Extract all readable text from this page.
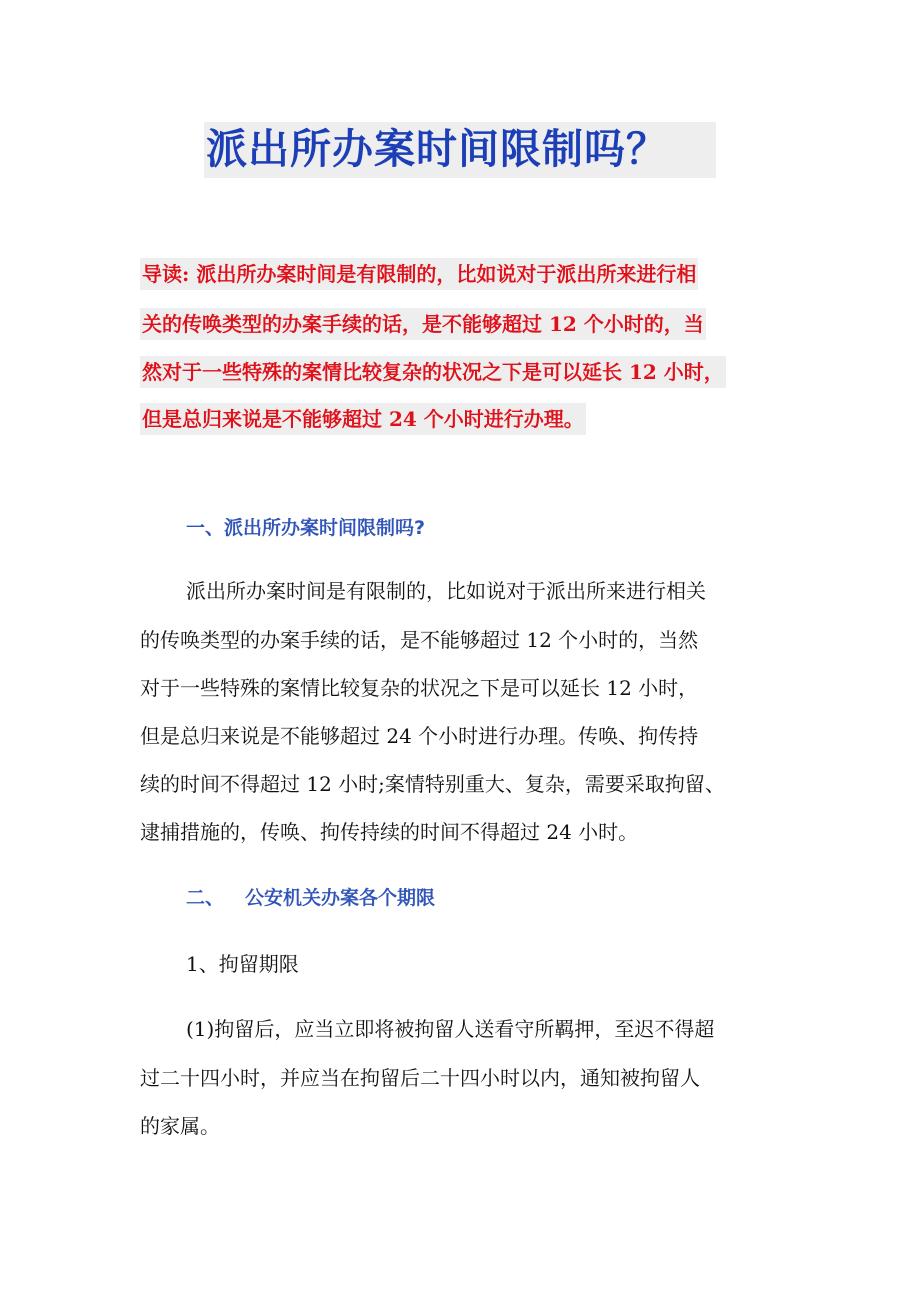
派出所办案时间限制吗？
导读: 派出所办案时间是有限制的，比如说对于派出所来进行相
关的传唤类型的办案手续的话，是不能够超过 12 个小时的，当
然对于一些特殊的案情比较复杂的状况之下是可以延长 12 小时，
但是总归来说是不能够超过 24 个小时进行办理。
一、派出所办案时间限制吗?
派出所办案时间是有限制的，比如说对于派出所来进行相关
的传唤类型的办案手续的话，是不能够超过 12 个小时的，当然
对于一些特殊的案情比较复杂的状况之下是可以延长 12 小时，
但是总归来说是不能够超过 24 个小时进行办理。传唤、拘传持
续的时间不得超过 12 小时;案情特别重大、复杂，需要采取拘留、
逮捕措施的，传唤、拘传持续的时间不得超过 24 小时。
二、 公安机关办案各个期限
1、拘留期限
(1)拘留后，应当立即将被拘留人送看守所羁押，至迟不得超
过二十四小时，并应当在拘留后二十四小时以内，通知被拘留人
的家属。
